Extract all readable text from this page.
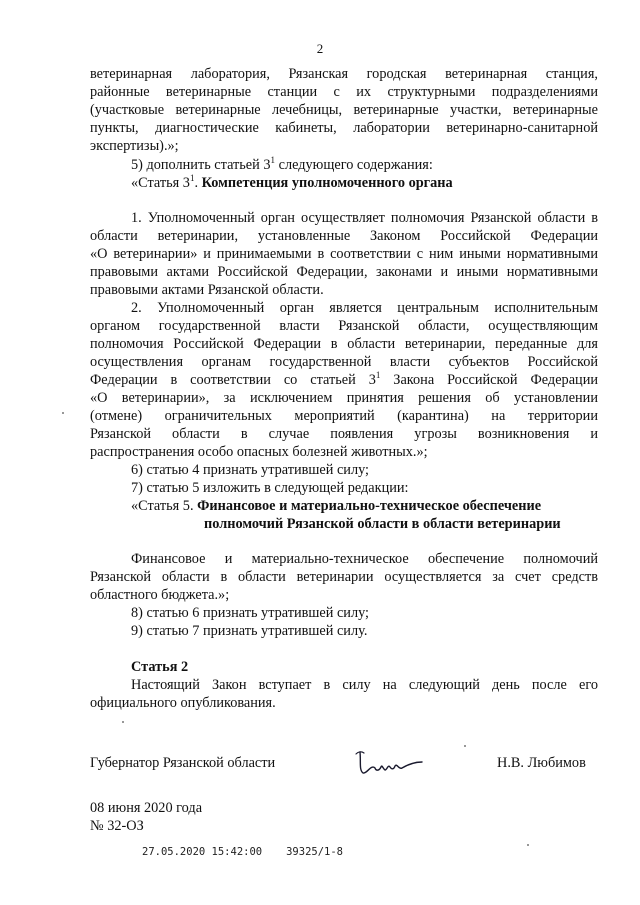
2
ветеринарная лаборатория, Рязанская городская ветеринарная станция,
районные ветеринарные станции с их структурными подразделениями
(участковые ветеринарные лечебницы, ветеринарные участки, ветеринарные
пункты, диагностические кабинеты, лаборатории ветеринарно-санитарной
экспертизы).»;
5) дополнить статьей $3^1$ следующего содержания:
«Статья $3^1$. Компетенция уполномоченного органа
1. Уполномоченный орган осуществляет полномочия Рязанской области в
области ветеринарии, установленные Законом Российской Федерации
«О ветеринарии» и принимаемыми в соответствии с ним иными нормативными
правовыми актами Российской Федерации, законами и иными нормативными
правовыми актами Рязанской области.
2. Уполномоченный орган является центральным исполнительным
органом государственной власти Рязанской области, осуществляющим
полномочия Российской Федерации в области ветеринарии, переданные для
осуществления органам государственной власти субъектов Российской
Федерации в соответствии со статьей $3^1$ Закона Российской Федерации
«О ветеринарии», за исключением принятия решения об установлении
(отмене) ограничительных мероприятий (карантина) на территории
Рязанской области в случае появления угрозы возникновения и
распространения особо опасных болезней животных.»;
6) статью 4 признать утратившей силу;
7) статью 5 изложить в следующей редакции:
«Статья 5. Финансовое и материально-техническое обеспечение
полномочий Рязанской области в области ветеринарии
Финансовое и материально-техническое обеспечение полномочий
Рязанской области в области ветеринарии осуществляется за счет средств
областного бюджета.»;
8) статью 6 признать утратившей силу;
9) статью 7 признать утратившей силу.
Статья 2
Настоящий Закон вступает в силу на следующий день после его
официального опубликования.
Губернатор Рязанской области	Н.В. Любимов
08 июня 2020 года
№ 32-ОЗ
27.05.2020 15:42:00 39325/1-8
